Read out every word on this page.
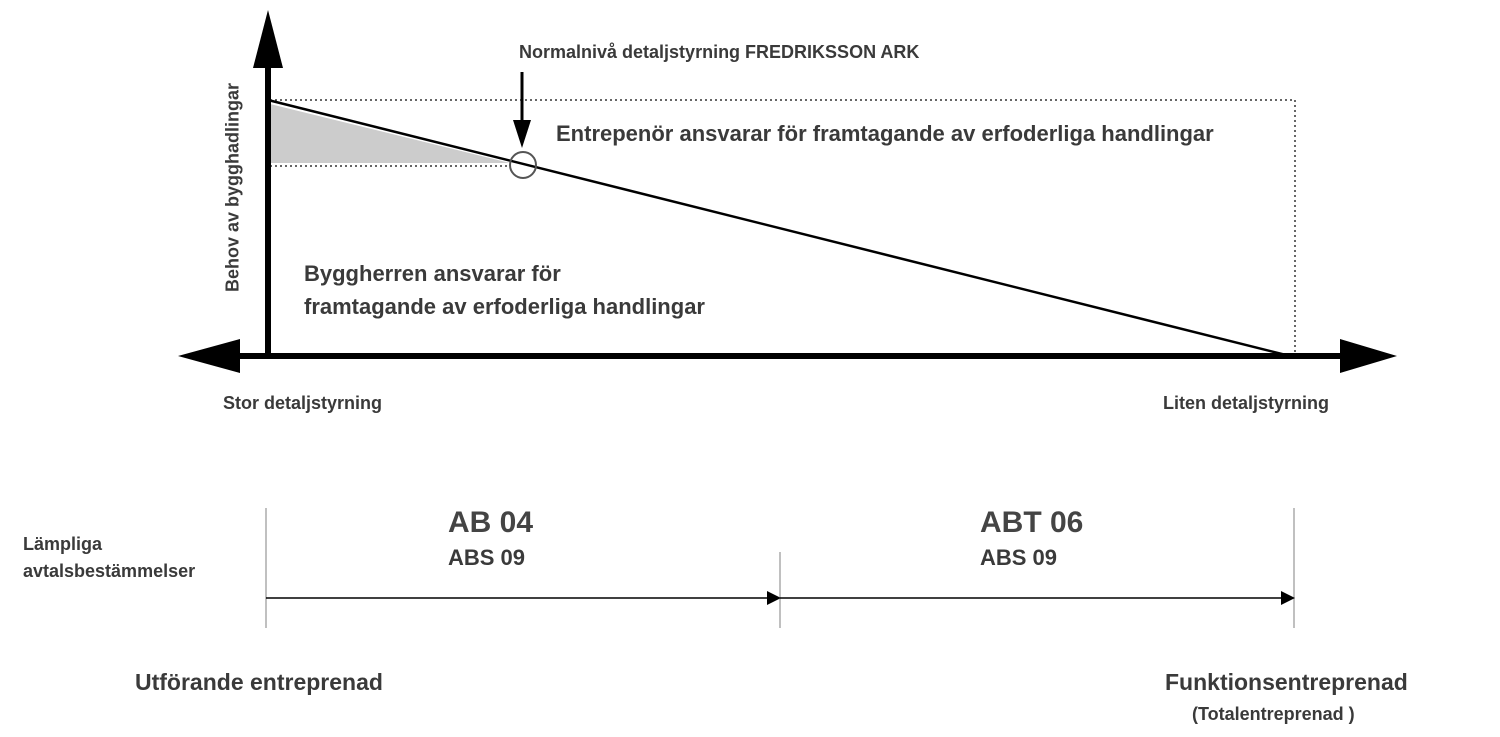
Behov av bygghadlingar
Normalnivå detaljstyrning FREDRIKSSON ARK
Entrepenör ansvarar för framtagande av erfoderliga handlingar
Byggherren ansvarar för
framtagande av erfoderliga handlingar
Stor detaljstyrning	Liten detaljstyrning
Lämpliga
avtalsbestämmelser
AB 04
ABS 09
ABT 06
ABS 09
Utförande entreprenad	Funktionsentreprenad
(Totalentreprenad )
